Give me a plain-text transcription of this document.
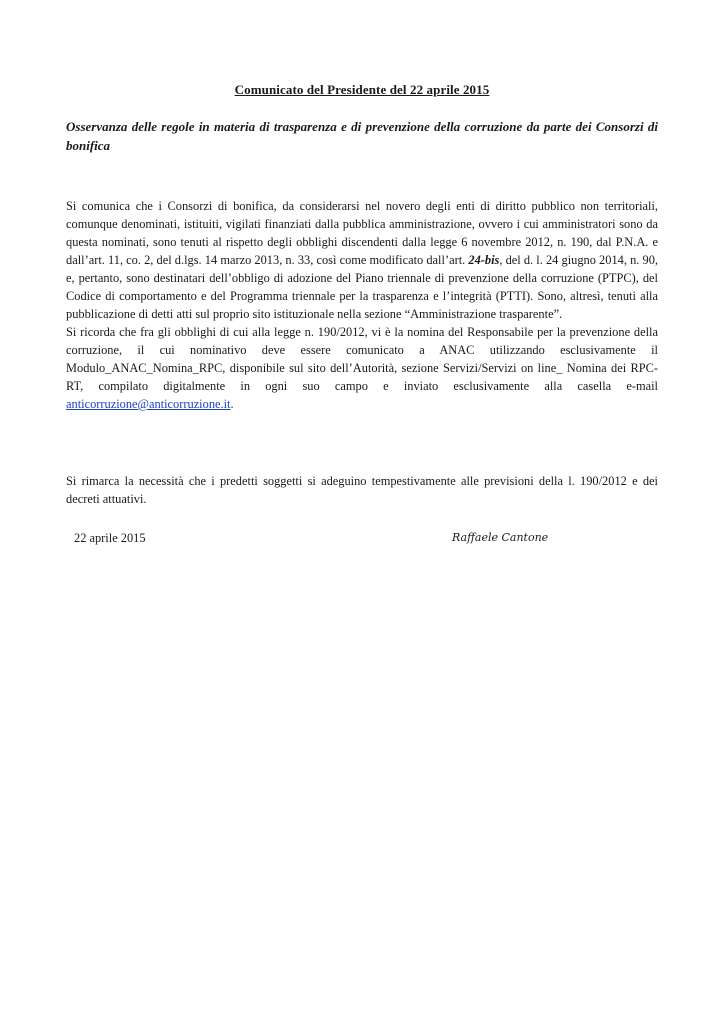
Comunicato del Presidente del 22 aprile 2015
Osservanza delle regole in materia di trasparenza e di prevenzione della corruzione da parte dei Consorzi di bonifica

Si comunica che i Consorzi di bonifica, da considerarsi nel novero degli enti di diritto pubblico non territoriali, comunque denominati, istituiti, vigilati finanziati dalla pubblica amministrazione, ovvero i cui amministratori sono da questa nominati, sono tenuti al rispetto degli obblighi discendenti dalla legge 6 novembre 2012, n. 190, dal P.N.A. e dall’art. 11, co. 2, del d.lgs. 14 marzo 2013, n. 33, così come modificato dall’art. 24-bis, del d. l. 24 giugno 2014, n. 90, e, pertanto, sono destinatari dell’obbligo di adozione del Piano triennale di prevenzione della corruzione (PTPC), del Codice di comportamento e del Programma triennale per la trasparenza e l’integrità (PTTI). Sono, altresì, tenuti alla pubblicazione di detti atti sul proprio sito istituzionale nella sezione “Amministrazione trasparente”.

Si ricorda che fra gli obblighi di cui alla legge n. 190/2012, vi è la nomina del Responsabile per la prevenzione della corruzione, il cui nominativo deve essere comunicato a ANAC utilizzando esclusivamente il Modulo_ANAC_Nomina_RPC, disponibile sul sito dell’Autorità, sezione Servizi/Servizi on line_ Nomina dei RPC-RT, compilato digitalmente in ogni suo campo e inviato esclusivamente alla casella e-mail anticorruzione@anticorruzione.it.

Si rimarca la necessità che i predetti soggetti si adeguino tempestivamente alle previsioni della l. 190/2012 e dei decreti attuativi.

22 aprile 2015	Raffaele Cantone
